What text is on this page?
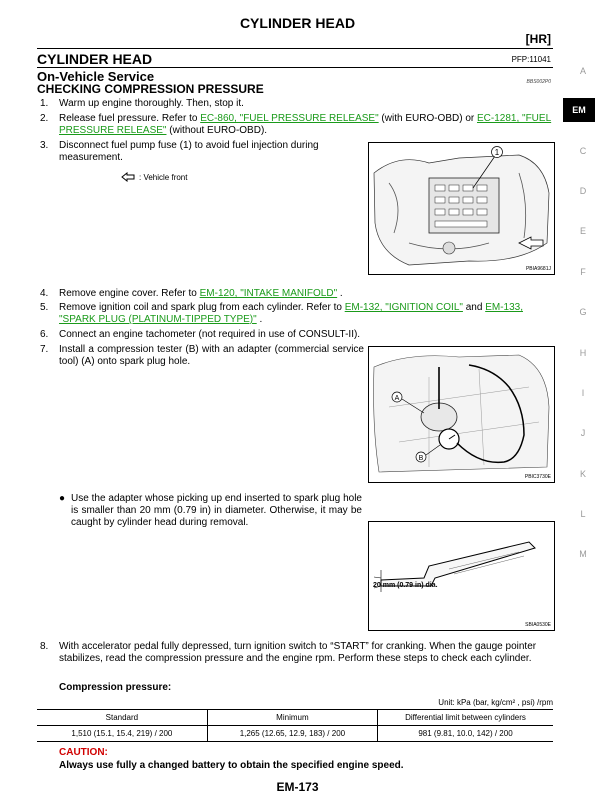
CYLINDER HEAD
[HR]
CYLINDER HEAD	PFP:11041
On-Vehicle Service	BBS002P0
CHECKING COMPRESSION PRESSURE
1. Warm up engine thoroughly. Then, stop it.
2. Release fuel pressure. Refer to EC-860, "FUEL PRESSURE RELEASE" (with EURO-OBD) or EC-1281, "FUEL PRESSURE RELEASE" (without EURO-OBD).
3. Disconnect fuel pump fuse (1) to avoid fuel injection during measurement.
: Vehicle front
1
PBIA9681J
4. Remove engine cover. Refer to EM-120, "INTAKE MANIFOLD" .
5. Remove ignition coil and spark plug from each cylinder. Refer to EM-132, "IGNITION COIL" and EM-133, "SPARK PLUG (PLATINUM-TIPPED TYPE)" .
6. Connect an engine tachometer (not required in use of CONSULT-II).
7. Install a compression tester (B) with an adapter (commercial service tool) (A) onto spark plug hole.
A
B
PBIC3730E
● Use the adapter whose picking up end inserted to spark plug hole is smaller than 20 mm (0.79 in) in diameter. Otherwise, it may be caught by cylinder head during removal.
20 mm (0.79 in) dia.
SBIA0530E
8. With accelerator pedal fully depressed, turn ignition switch to “START” for cranking. When the gauge pointer stabilizes, read the compression pressure and the engine rpm. Perform these steps to check each cylinder.
Compression pressure:
Unit: kPa (bar, kg/cm² , psi) /rpm
Standard	Minimum	Differential limit between cylinders
1,510 (15.1, 15.4, 219) / 200	1,265 (12.65, 12.9, 183) / 200	981 (9.81, 10.0, 142) / 200
CAUTION:
Always use fully a changed battery to obtain the specified engine speed.
EM-173
A
EM
C
D
E
F
G
H
I
J
K
L
M
